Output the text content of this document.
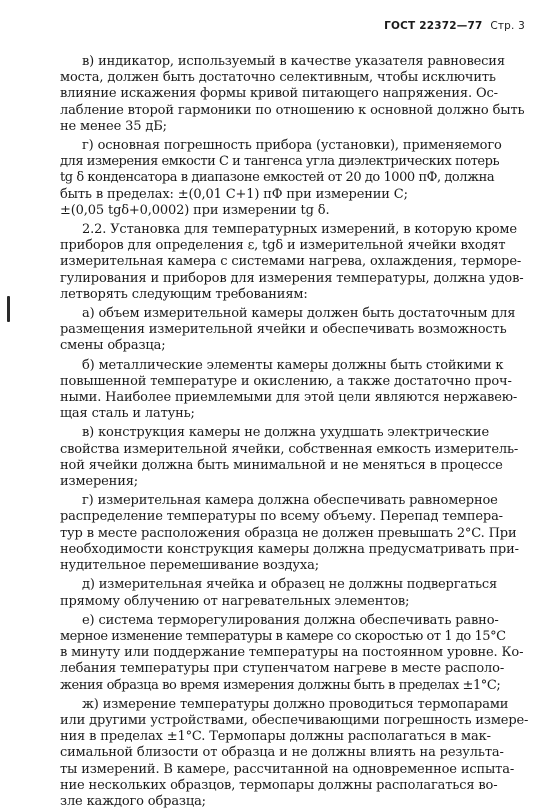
ГОСТ 22372—77 Стр. 3
в) индикатор, используемый в качестве указателя равновесия
моста, должен быть достаточно селективным, чтобы исключить
влияние искажения формы кривой питающего напряжения. Ос-
лабление второй гармоники по отношению к основной должно быть
не менее 35 дБ;
г) основная погрешность прибора (установки), применяемого
для измерения емкости C и тангенса угла диэлектрических потерь
tg δ конденсатора в диапазоне емкостей от 20 до 1000 пФ, должна
быть в пределах: ±(0,01 C+1) пФ при измерении C;
±(0,05 tgδ+0,0002) при измерении tg δ.
2.2. Установка для температурных измерений, в которую кроме
приборов для определения ε, tgδ и измерительной ячейки входят
измерительная камера с системами нагрева, охлаждения, терморе-
гулирования и приборов для измерения температуры, должна удов-
летворять следующим требованиям:
а) объем измерительной камеры должен быть достаточным для
размещения измерительной ячейки и обеспечивать возможность
смены образца;
б) металлические элементы камеры должны быть стойкими к
повышенной температуре и окислению, а также достаточно проч-
ными. Наиболее приемлемыми для этой цели являются нержавею-
щая сталь и латунь;
в) конструкция камеры не должна ухудшать электрические
свойства измерительной ячейки, собственная емкость измеритель-
ной ячейки должна быть минимальной и не меняться в процессе
измерения;
г) измерительная камера должна обеспечивать равномерное
распределение температуры по всему объему. Перепад темпера-
тур в месте расположения образца не должен превышать 2°C. При
необходимости конструкция камеры должна предусматривать при-
нудительное перемешивание воздуха;
д) измерительная ячейка и образец не должны подвергаться
прямому облучению от нагревательных элементов;
е) система терморегулирования должна обеспечивать равно-
мерное изменение температуры в камере со скоростью от 1 до 15°C
в минуту или поддержание температуры на постоянном уровне. Ко-
лебания температуры при ступенчатом нагреве в месте располо-
жения образца во время измерения должны быть в пределах ±1°C;
ж) измерение температуры должно проводиться термопарами
или другими устройствами, обеспечивающими погрешность измере-
ния в пределах ±1°C. Термопары должны располагаться в мак-
симальной близости от образца и не должны влиять на результа-
ты измерений. В камере, рассчитанной на одновременное испыта-
ние нескольких образцов, термопары должны располагаться во-
зле каждого образца;
